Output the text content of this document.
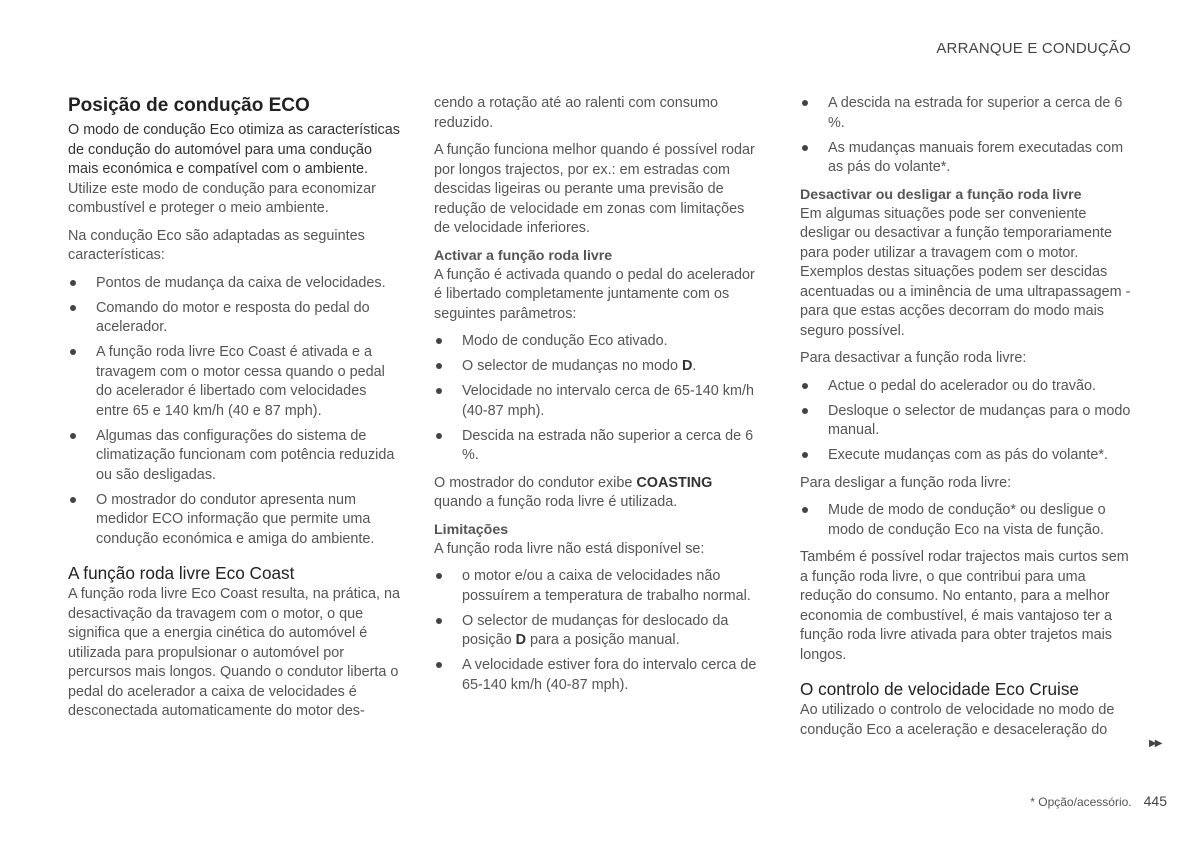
ARRANQUE E CONDUÇÃO
Posição de condução ECO

O modo de condução Eco otimiza as características de condução do automóvel para uma condução mais económica e compatível com o ambiente.

Utilize este modo de condução para economizar combustível e proteger o meio ambiente.

Na condução Eco são adaptadas as seguintes características:

Pontos de mudança da caixa de velocidades.
Comando do motor e resposta do pedal do acelerador.
A função roda livre Eco Coast é ativada e a travagem com o motor cessa quando o pedal do acelerador é libertado com velocidades entre 65 e 140 km/h (40 e 87 mph).
Algumas das configurações do sistema de climatização funcionam com potência reduzida ou são desligadas.
O mostrador do condutor apresenta num medidor ECO informação que permite uma condução económica e amiga do ambiente.
A função roda livre Eco Coast

A função roda livre Eco Coast resulta, na prática, na desactivação da travagem com o motor, o que significa que a energia cinética do automóvel é utilizada para propulsionar o automóvel por percursos mais longos. Quando o condutor liberta o pedal do acelerador a caixa de velocidades é desconectada automaticamente do motor des-

cendo a rotação até ao ralenti com consumo reduzido.

A função funciona melhor quando é possível rodar por longos trajectos, por ex.: em estradas com descidas ligeiras ou perante uma previsão de redução de velocidade em zonas com limitações de velocidade inferiores.

Activar a função roda livre

A função é activada quando o pedal do acelerador é libertado completamente juntamente com os seguintes parâmetros:

Modo de condução Eco ativado.
O selector de mudanças no modo D.
Velocidade no intervalo cerca de 65-140 km/h (40-87 mph).
Descida na estrada não superior a cerca de 6 %.

O mostrador do condutor exibe COASTING quando a função roda livre é utilizada.

Limitações

A função roda livre não está disponível se:

o motor e/ou a caixa de velocidades não possuírem a temperatura de trabalho normal.
O selector de mudanças for deslocado da posição D para a posição manual.
A velocidade estiver fora do intervalo cerca de 65-140 km/h (40-87 mph).
A descida na estrada for superior a cerca de 6 %.
As mudanças manuais forem executadas com as pás do volante*.
Desactivar ou desligar a função roda livre

Em algumas situações pode ser conveniente desligar ou desactivar a função temporariamente para poder utilizar a travagem com o motor. Exemplos destas situações podem ser descidas acentuadas ou a iminência de uma ultrapassagem - para que estas acções decorram do modo mais seguro possível.

Para desactivar a função roda livre:

Actue o pedal do acelerador ou do travão.
Desloque o selector de mudanças para o modo manual.
Execute mudanças com as pás do volante*.

Para desligar a função roda livre:

Mude de modo de condução* ou desligue o modo de condução Eco na vista de função.

Também é possível rodar trajectos mais curtos sem a função roda livre, o que contribui para uma redução do consumo. No entanto, para a melhor economia de combustível, é mais vantajoso ter a função roda livre ativada para obter trajetos mais longos.

O controlo de velocidade Eco Cruise

Ao utilizado o controlo de velocidade no modo de condução Eco a aceleração e desaceleração do

▶▶
* Opção/acessório. 445
